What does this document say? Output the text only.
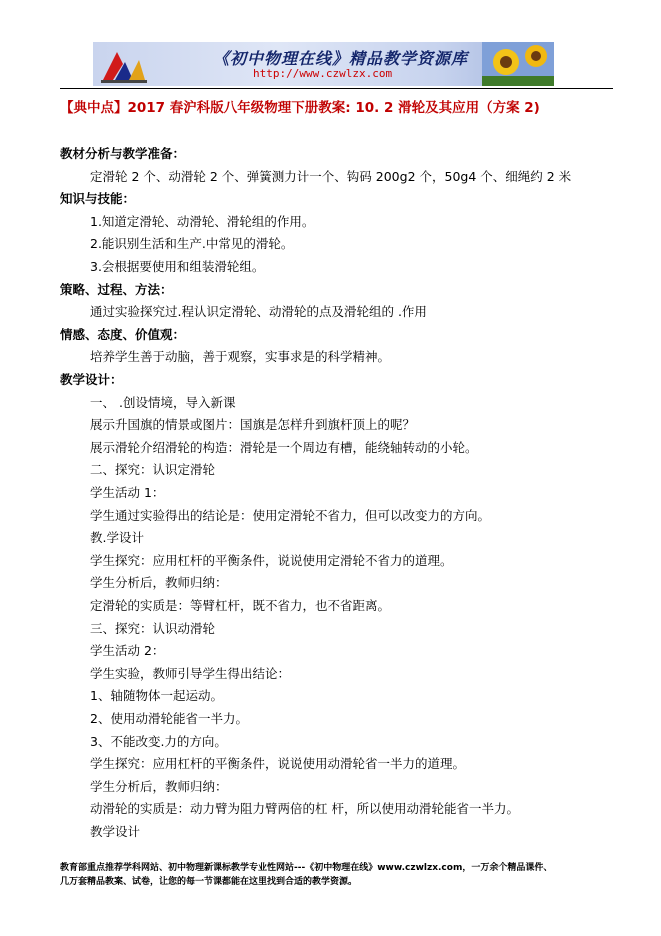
《初中物理在线》精品教学资源库
http://www.czwlzx.com
【典中点】2017 春沪科版八年级物理下册教案: 10. 2 滑轮及其应用（方案 2)
教材分析与教学准备：
定滑轮 2 个、动滑轮 2 个、弹簧测力计一个、钩码 200g2 个，50g4 个、细绳约 2 米
知识与技能：
1.知道定滑轮、动滑轮、滑轮组的作用。
2.能识别生活和生产.中常见的滑轮。
3.会根据要使用和组装滑轮组。
策略、过程、方法：
通过实验探究过.程认识定滑轮、动滑轮的点及滑轮组的 .作用
情感、态度、价值观：
培养学生善于动脑，善于观察，实事求是的科学精神。
教学设计：
一、 .创设情境，导入新课
展示升国旗的情景或图片：国旗是怎样升到旗杆顶上的呢？
展示滑轮介绍滑轮的构造：滑轮是一个周边有槽，能绕轴转动的小轮。
二、探究：认识定滑轮
学生活动 1：
学生通过实验得出的结论是：使用定滑轮不省力，但可以改变力的方向。
教.学设计
学生探究：应用杠杆的平衡条件，说说使用定滑轮不省力的道理。
学生分析后，教师归纳：
定滑轮的实质是：等臂杠杆，既不省力，也不省距离。
三、探究：认识动滑轮
学生活动 2：
学生实验，教师引导学生得出结论：
1、轴随物体一起运动。
2、使用动滑轮能省一半力。
3、不能改变.力的方向。
学生探究：应用杠杆的平衡条件，说说使用动滑轮省一半力的道理。
学生分析后，教师归纳：
动滑轮的实质是：动力臂为阻力臂两倍的杠 杆，所以使用动滑轮能省一半力。
教学设计
教育部重点推荐学科网站、初中物理新课标教学专业性网站---《初中物理在线》www.czwlzx.com，一万余个精品课件、
几万套精品教案、试卷，让您的每一节课都能在这里找到合适的教学资源。
